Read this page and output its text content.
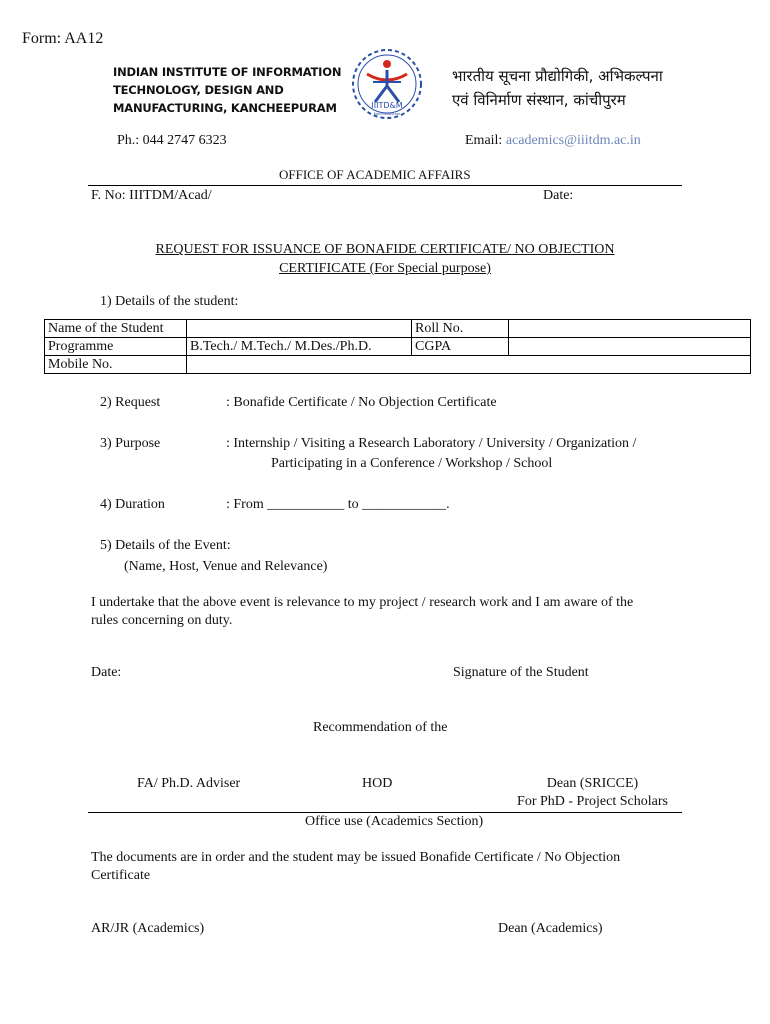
Form: AA12
INDIAN INSTITUTE OF INFORMATION
TECHNOLOGY, DESIGN AND
MANUFACTURING, KANCHEEPURAM	IIITD&M
Kancheepuram
भारतीय सूचना प्रौद्योगिकी, अभिकल्पना
एवं विनिर्माण संस्थान, कांचीपुरम
Ph.: 044 2747 6323	Email: academics@iiitdm.ac.in
OFFICE OF ACADEMIC AFFAIRS
F. No: IIITDM/Acad/	Date:
REQUEST FOR ISSUANCE OF BONAFIDE CERTIFICATE/ NO OBJECTION
CERTIFICATE (For Special purpose)
1) Details of the student:
Name of the Student		Roll No.	
Programme	B.Tech./ M.Tech./ M.Des./Ph.D.	CGPA	
Mobile No.			
2) Request	: Bonafide Certificate / No Objection Certificate
3) Purpose	: Internship / Visiting a Research Laboratory / University / Organization /
Participating in a Conference / Workshop / School
4) Duration	: From ___________ to ____________.
5) Details of the Event:
(Name, Host, Venue and Relevance)
I undertake that the above event is relevance to my project / research work and I am aware of the
rules concerning on duty.
Date:	Signature of the Student
Recommendation of the
FA/ Ph.D. Adviser	HOD	Dean (SRICCE)
For PhD - Project Scholars
Office use (Academics Section)
The documents are in order and the student may be issued Bonafide Certificate / No Objection
Certificate
AR/JR (Academics)	Dean (Academics)
